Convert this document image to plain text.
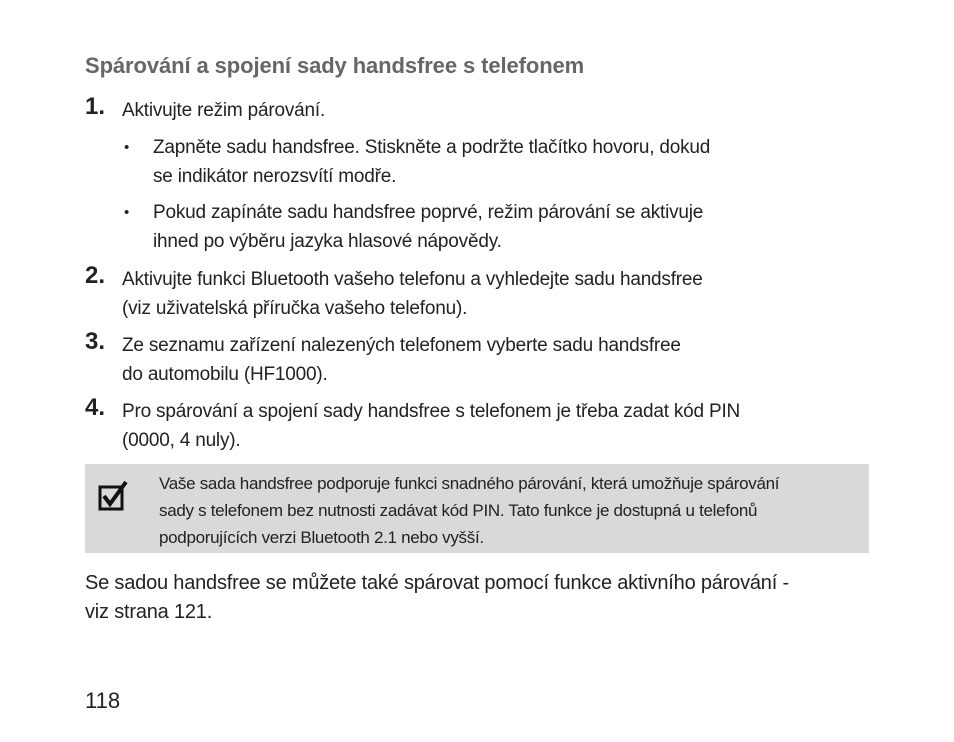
Spárování a spojení sady handsfree s telefonem
1. Aktivujte režim párování.
• Zapněte sadu handsfree. Stiskněte a podržte tlačítko hovoru, dokud
se indikátor nerozsvítí modře.
• Pokud zapínáte sadu handsfree poprvé, režim párování se aktivuje
ihned po výběru jazyka hlasové nápovědy.
2. Aktivujte funkci Bluetooth vašeho telefonu a vyhledejte sadu handsfree
(viz uživatelská příručka vašeho telefonu).
3. Ze seznamu zařízení nalezených telefonem vyberte sadu handsfree
do automobilu (HF1000).
4. Pro spárování a spojení sady handsfree s telefonem je třeba zadat kód PIN
(0000, 4 nuly).
Vaše sada handsfree podporuje funkci snadného párování, která umožňuje spárování
sady s telefonem bez nutnosti zadávat kód PIN. Tato funkce je dostupná u telefonů
podporujících verzi Bluetooth 2.1 nebo vyšší.
Se sadou handsfree se můžete také spárovat pomocí funkce aktivního párování -
viz strana 121.
118
